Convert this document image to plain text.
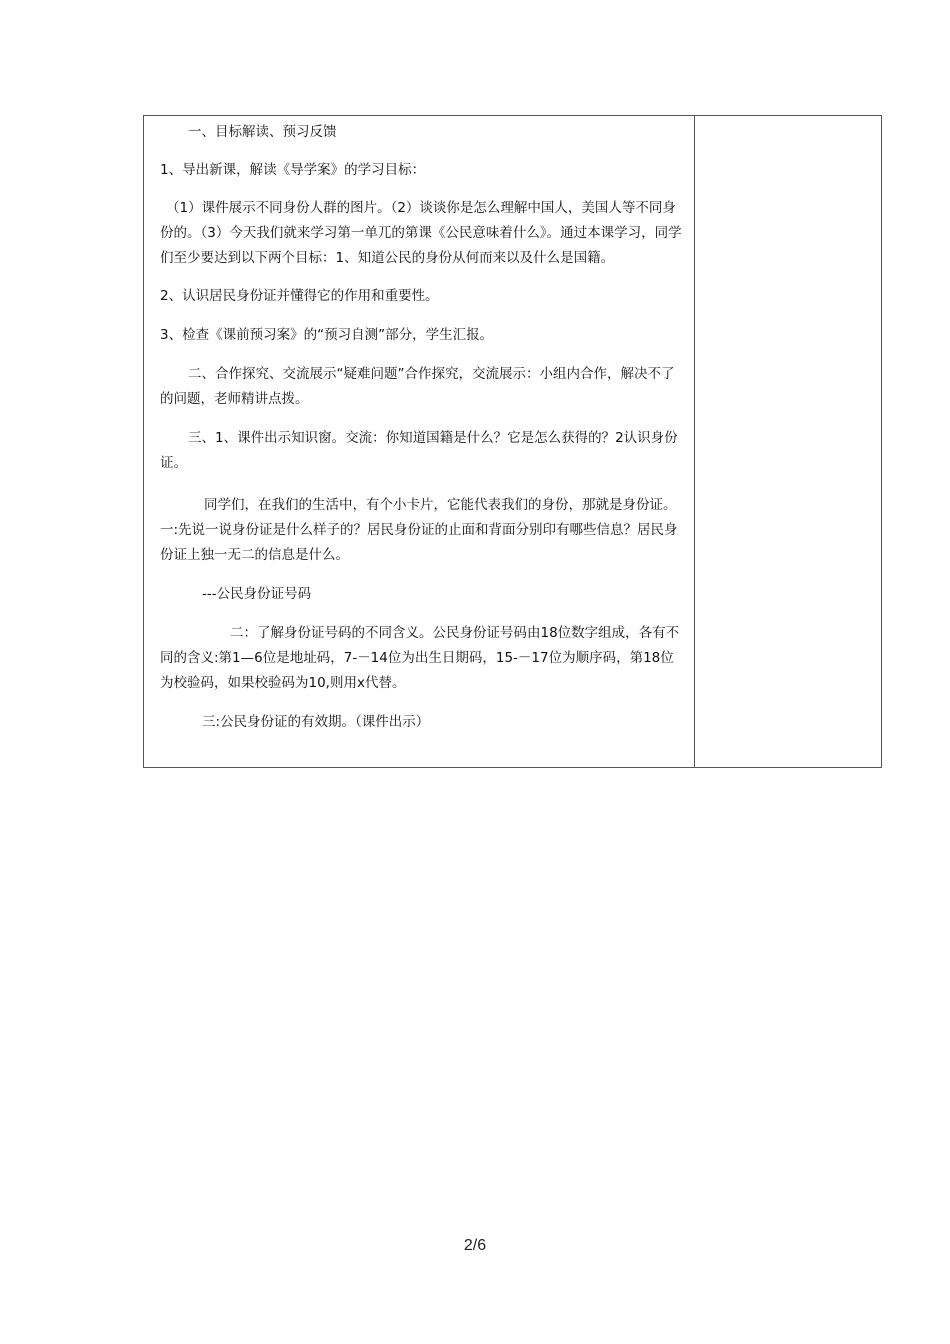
一、目标解读、预习反馈

1、导出新课，解读《导学案》的学习目标：

（1）课件展示不同身份人群的图片。（2）谈谈你是怎么理解中国人，美国人等不同身份的。（3）今天我们就来学习第一单兀的第课《公民意味着什么》。通过本课学习，同学们至少要达到以下两个目标：1、知道公民的身份从何而来以及什么是国籍。

2、认识居民身份证并懂得它的作用和重要性。

3、检查《课前预习案》的“预习自测”部分，学生汇报。

二、合作探究、交流展示“疑难问题”合作探究，交流展示：小组内合作，解决不了的问题，老师精讲点拨。

三、1、课件出示知识窗。交流：你知道国籍是什么？它是怎么获得的？2认识身份证。

同学们，在我们的生活中，有个小卡片，它能代表我们的身份，那就是身份证。一:先说一说身份证是什么样子的？居民身份证的止面和背面分别印有哪些信息？居民身份证上独一无二的信息是什么。

---公民身份证号码

二：了解身份证号码的不同含义。公民身份证号码由18位数字组成，各有不同的含义:第1—6位是地址码，7-－14位为出生日期码，15-－17位为顺序码，第18位为校验码，如果校验码为10,则用x代替。

三:公民身份证的有效期。（课件出示）

2/6
